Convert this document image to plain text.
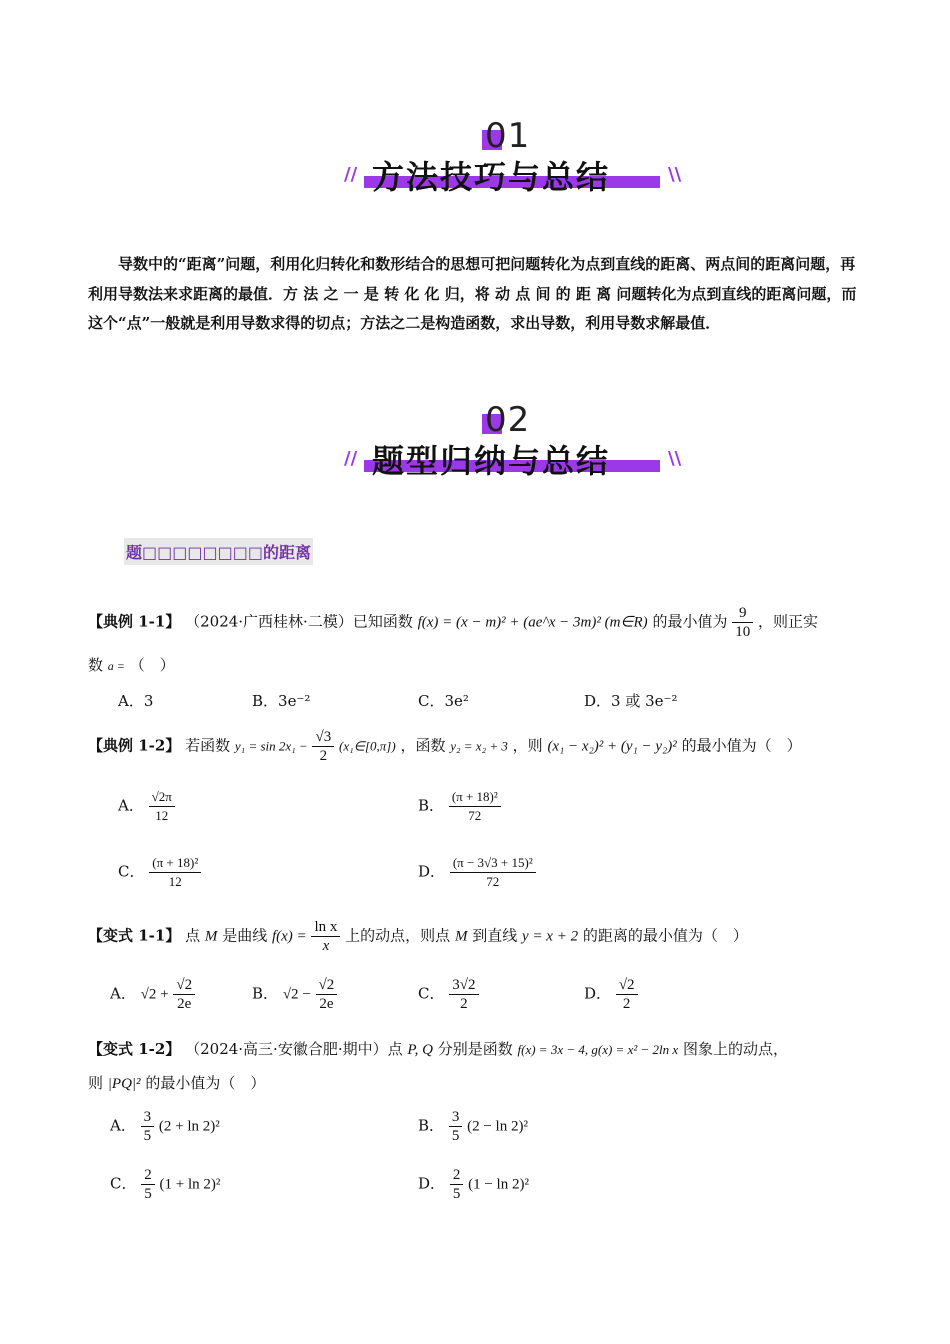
01
// 方法技巧与总结	\\
导数中的“距离”问题，利用化归转化和数形结合的思想可把问题转化为点到直线的距离、两点间的距离问题，再利用导数法来求距离的最值．方 法 之 一 是 转 化 化 归，将 动 点 间 的 距 离 问题转化为点到直线的距离问题，而这个“点”一般就是利用导数求得的切点；方法之二是构造函数，求出导数，利用导数求解最值．
02
// 题型归纳与总结	\\
题□□□□□□□□的距离
【典例 1-1】 （2024·广西桂林·二模）已知函数 f(x) = (x − m)² + (ae^x − 3m)² (m∈R) 的最小值为 $\frac{9}{10}$ ，则正实
数 a = （　）
A．3	B．3e⁻²	C．3e²	D．3 或 3e⁻²
【典例 1-2】 若函数 $y_1 = \sin 2x_1 - \frac{√3}{2}$ (x₁∈[0,π]) ，函数 y₂ = x₂ + 3 ，则 (x₁ − x₂)² + (y₁ − y₂)² 的最小值为（　）
A． $\frac{√2\pi}{12}$	B． $\frac{\text{(π + 18)²}}{72}$
C． $\frac{\text{(π + 18)²}}{12}$	D． $\frac{\text{(π − 3√3 + 15)²}}{72}$
【变式 1-1】 点 M 是曲线 $f(x) = \frac{\text{ln x}}{x}$ 上的动点，则点 M 到直线 y = x + 2 的距离的最小值为（　）
A． $√2 + \frac{√2}{2e}$	B． $√2 - \frac{√2}{2e}$	C． $\frac{3√2}{2}$	D． $\frac{√2}{2}$
【变式 1-2】 （2024·高三·安徽合肥·期中）点 P, Q 分别是函数 f(x) = 3x − 4, g(x) = x² − 2ln x 图象上的动点，
则 |PQ|² 的最小值为（　）
A． $\frac{3}{5} (2 + \ln 2)^2$	B． $\frac{3}{5} (2 - \ln 2)^2$
C． $\frac{2}{5} (1 + \ln 2)^2$	D． $\frac{2}{5} (1 - \ln 2)^2$
